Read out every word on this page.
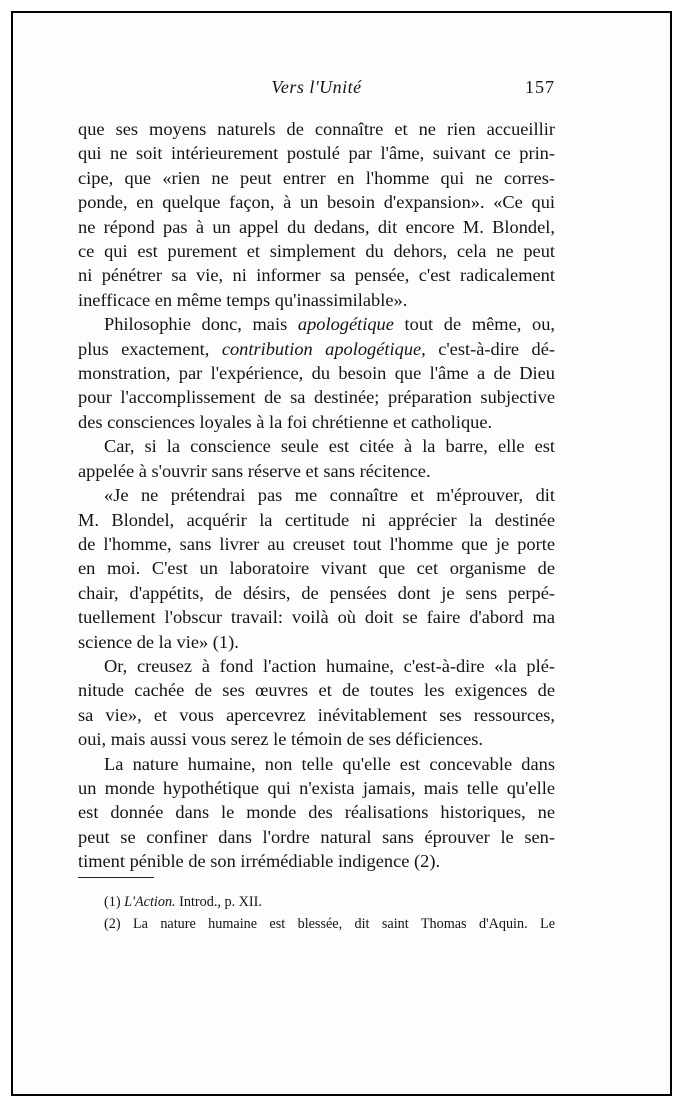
Vers l'Unité	157
que ses moyens naturels de connaître et ne rien accueillir
qui ne soit intérieurement postulé par l'âme, suivant ce prin-
cipe, que «rien ne peut entrer en l'homme qui ne corres-
ponde, en quelque façon, à un besoin d'expansion». «Ce qui
ne répond pas à un appel du dedans, dit encore M. Blondel,
ce qui est purement et simplement du dehors, cela ne peut
ni pénétrer sa vie, ni informer sa pensée, c'est radicalement
inefficace en même temps qu'inassimilable».
Philosophie donc, mais apologétique tout de même, ou,
plus exactement, contribution apologétique, c'est-à-dire dé-
monstration, par l'expérience, du besoin que l'âme a de Dieu
pour l'accomplissement de sa destinée; préparation subjective
des consciences loyales à la foi chrétienne et catholique.
Car, si la conscience seule est citée à la barre, elle est
appelée à s'ouvrir sans réserve et sans récitence.
«Je ne prétendrai pas me connaître et m'éprouver, dit
M. Blondel, acquérir la certitude ni apprécier la destinée
de l'homme, sans livrer au creuset tout l'homme que je porte
en moi. C'est un laboratoire vivant que cet organisme de
chair, d'appétits, de désirs, de pensées dont je sens perpé-
tuellement l'obscur travail: voilà où doit se faire d'abord ma
science de la vie» (1).
Or, creusez à fond l'action humaine, c'est-à-dire «la plé-
nitude cachée de ses œuvres et de toutes les exigences de
sa vie», et vous apercevrez inévitablement ses ressources,
oui, mais aussi vous serez le témoin de ses déficiences.
La nature humaine, non telle qu'elle est concevable dans
un monde hypothétique qui n'exista jamais, mais telle qu'elle
est donnée dans le monde des réalisations historiques, ne
peut se confiner dans l'ordre natural sans éprouver le sen-
timent pénible de son irrémédiable indigence (2).
(1) L'Action. Introd., p. XII.
(2) La nature humaine est blessée, dit saint Thomas d'Aquin. Le
